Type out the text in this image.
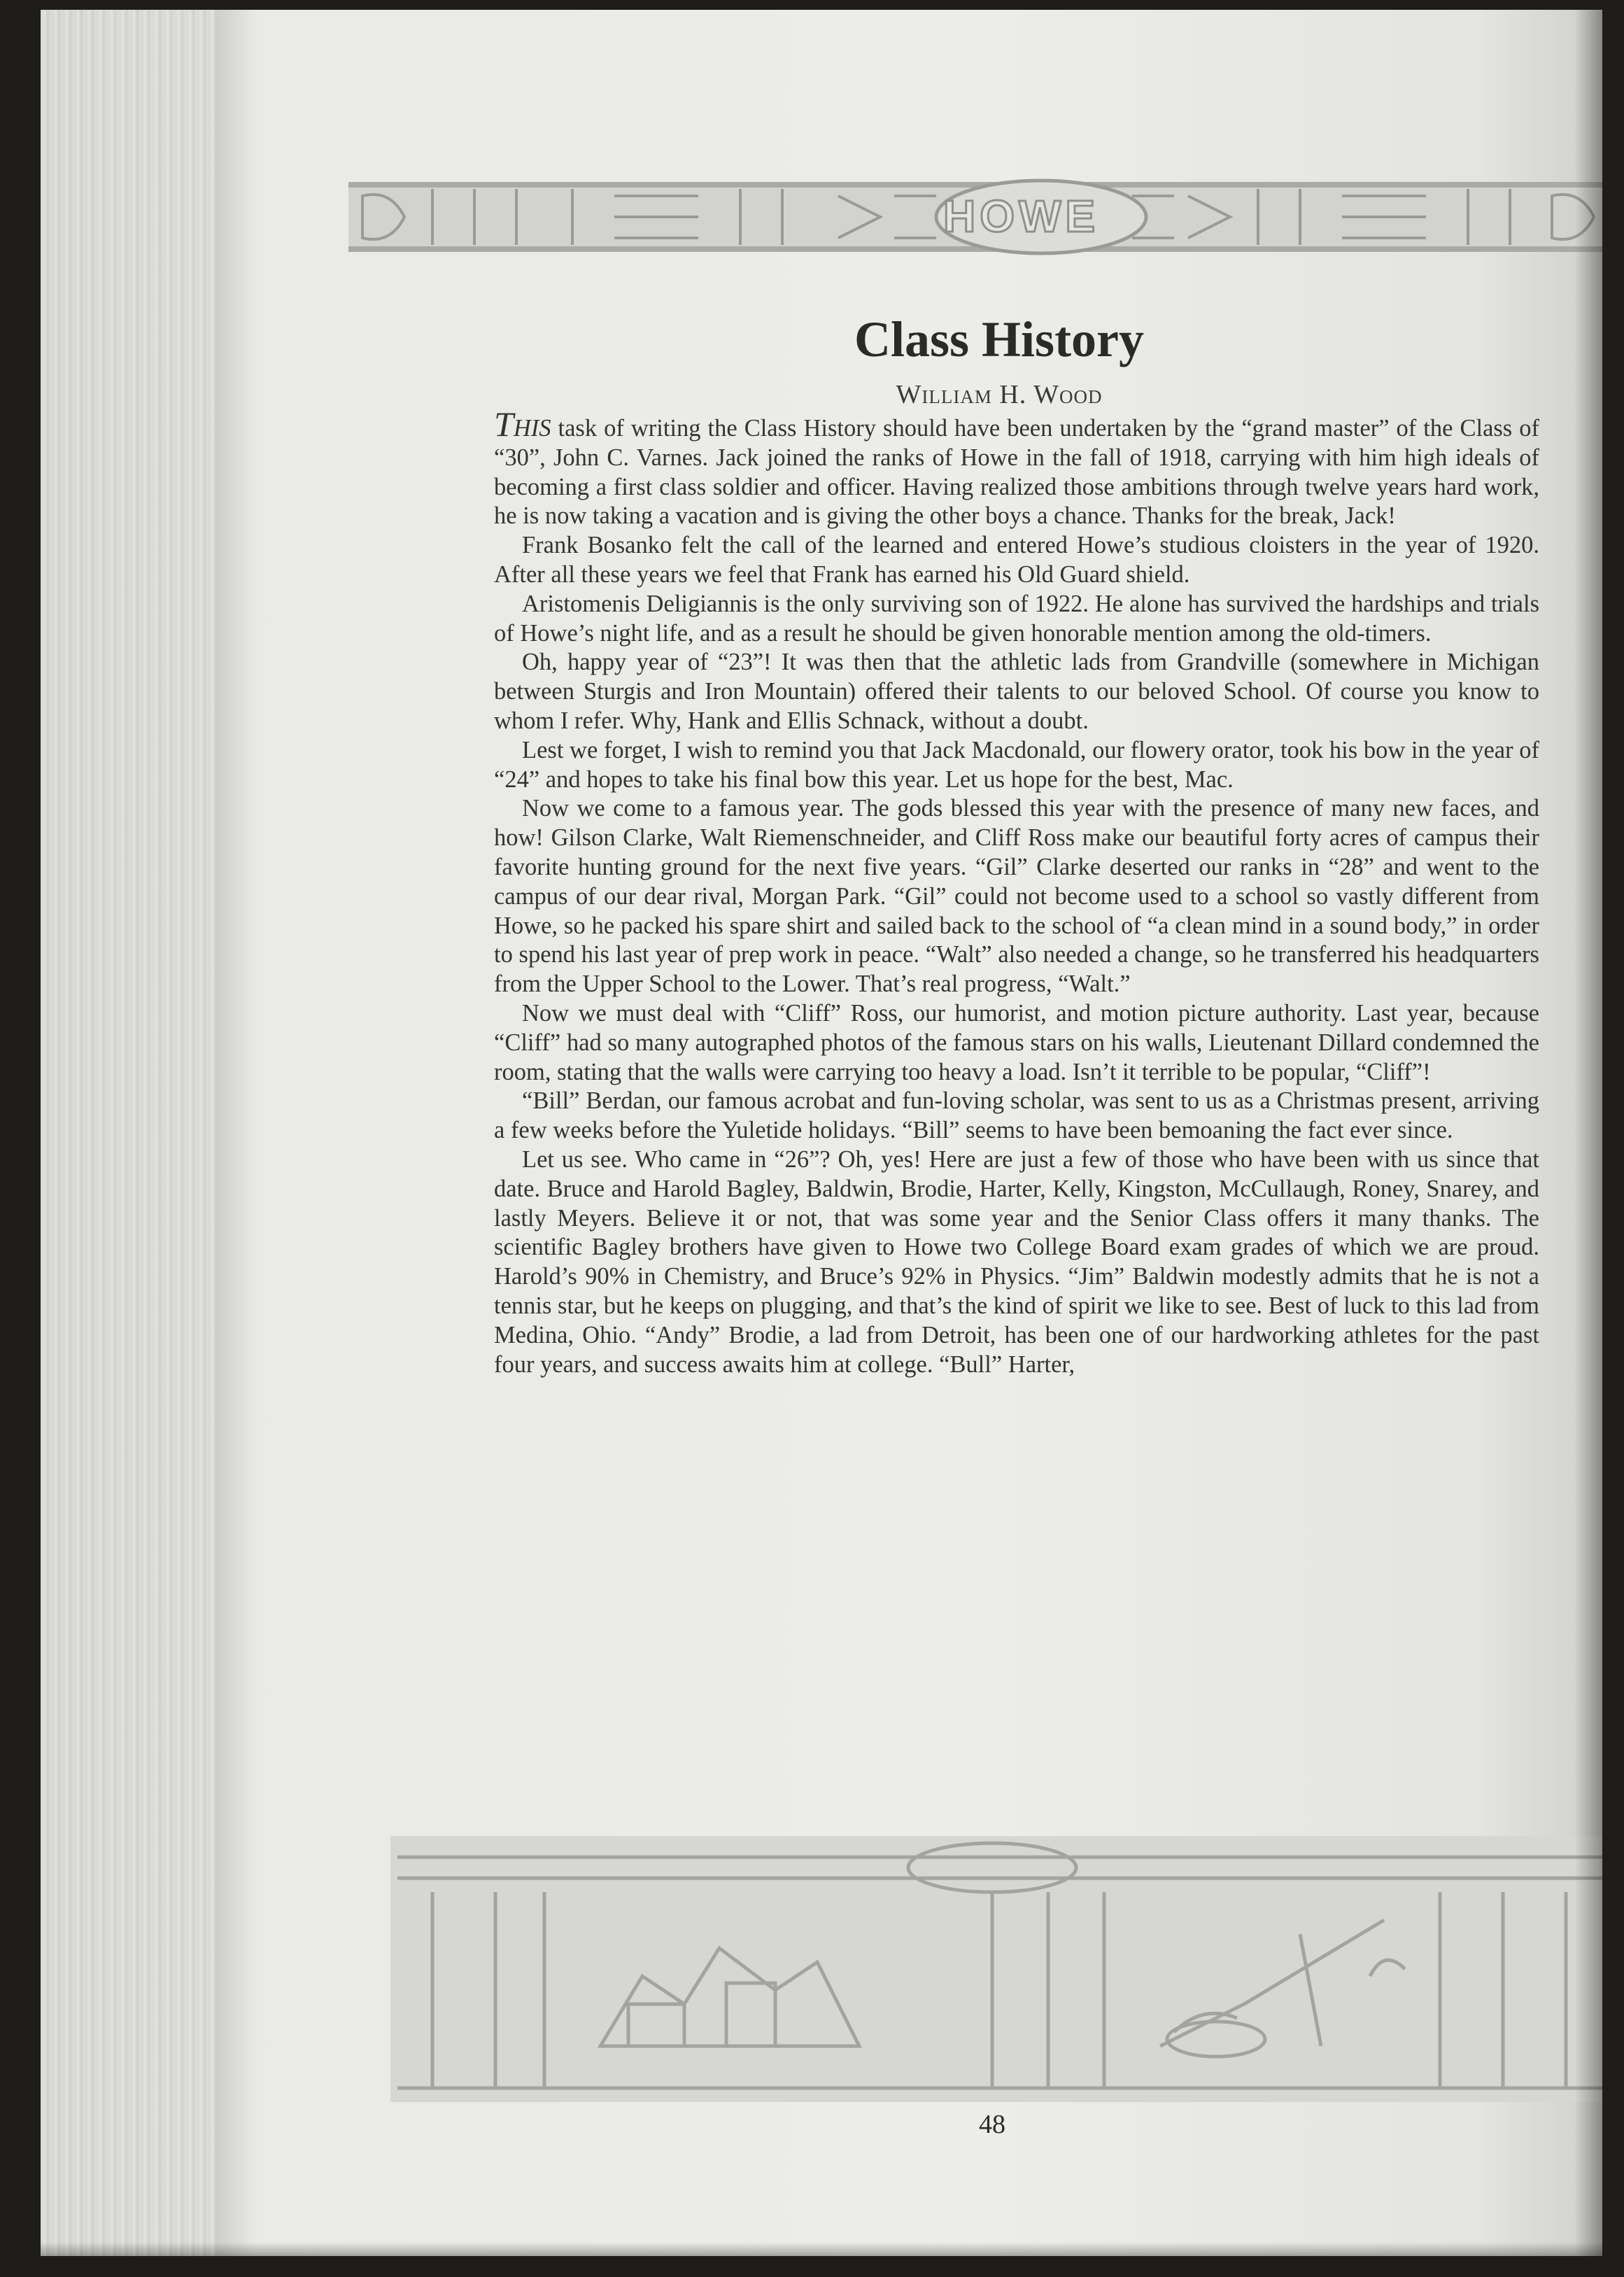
HOWE
Class History
William H. Wood

THIS task of writing the Class History should have been undertaken by the “grand master” of the Class of “30”, John C. Varnes. Jack joined the ranks of Howe in the fall of 1918, carrying with him high ideals of becoming a first class soldier and officer. Having realized those ambitions through twelve years hard work, he is now taking a vacation and is giving the other boys a chance. Thanks for the break, Jack!

Frank Bosanko felt the call of the learned and entered Howe’s studious cloisters in the year of 1920. After all these years we feel that Frank has earned his Old Guard shield.

Aristomenis Deligiannis is the only surviving son of 1922. He alone has survived the hardships and trials of Howe’s night life, and as a result he should be given honorable mention among the old-timers.

Oh, happy year of “23”! It was then that the athletic lads from Grandville (somewhere in Michigan between Sturgis and Iron Mountain) offered their talents to our beloved School. Of course you know to whom I refer. Why, Hank and Ellis Schnack, without a doubt.

Lest we forget, I wish to remind you that Jack Macdonald, our flowery orator, took his bow in the year of “24” and hopes to take his final bow this year. Let us hope for the best, Mac.

Now we come to a famous year. The gods blessed this year with the presence of many new faces, and how! Gilson Clarke, Walt Riemenschneider, and Cliff Ross make our beautiful forty acres of campus their favorite hunting ground for the next five years. “Gil” Clarke deserted our ranks in “28” and went to the campus of our dear rival, Morgan Park. “Gil” could not become used to a school so vastly different from Howe, so he packed his spare shirt and sailed back to the school of “a clean mind in a sound body,” in order to spend his last year of prep work in peace. “Walt” also needed a change, so he transferred his headquarters from the Upper School to the Lower. That’s real progress, “Walt.”

Now we must deal with “Cliff” Ross, our humorist, and motion picture authority. Last year, because “Cliff” had so many autographed photos of the famous stars on his walls, Lieutenant Dillard condemned the room, stating that the walls were carrying too heavy a load. Isn’t it terrible to be popular, “Cliff”!

“Bill” Berdan, our famous acrobat and fun-loving scholar, was sent to us as a Christmas present, arriving a few weeks before the Yuletide holidays. “Bill” seems to have been bemoaning the fact ever since.

Let us see. Who came in “26”? Oh, yes! Here are just a few of those who have been with us since that date. Bruce and Harold Bagley, Baldwin, Brodie, Harter, Kelly, Kingston, McCullaugh, Roney, Snarey, and lastly Meyers. Believe it or not, that was some year and the Senior Class offers it many thanks. The scientific Bagley brothers have given to Howe two College Board exam grades of which we are proud. Harold’s 90% in Chemistry, and Bruce’s 92% in Physics. “Jim” Baldwin modestly admits that he is not a tennis star, but he keeps on plugging, and that’s the kind of spirit we like to see. Best of luck to this lad from Medina, Ohio. “Andy” Brodie, a lad from Detroit, has been one of our hardworking athletes for the past four years, and success awaits him at college. “Bull” Harter,

48
